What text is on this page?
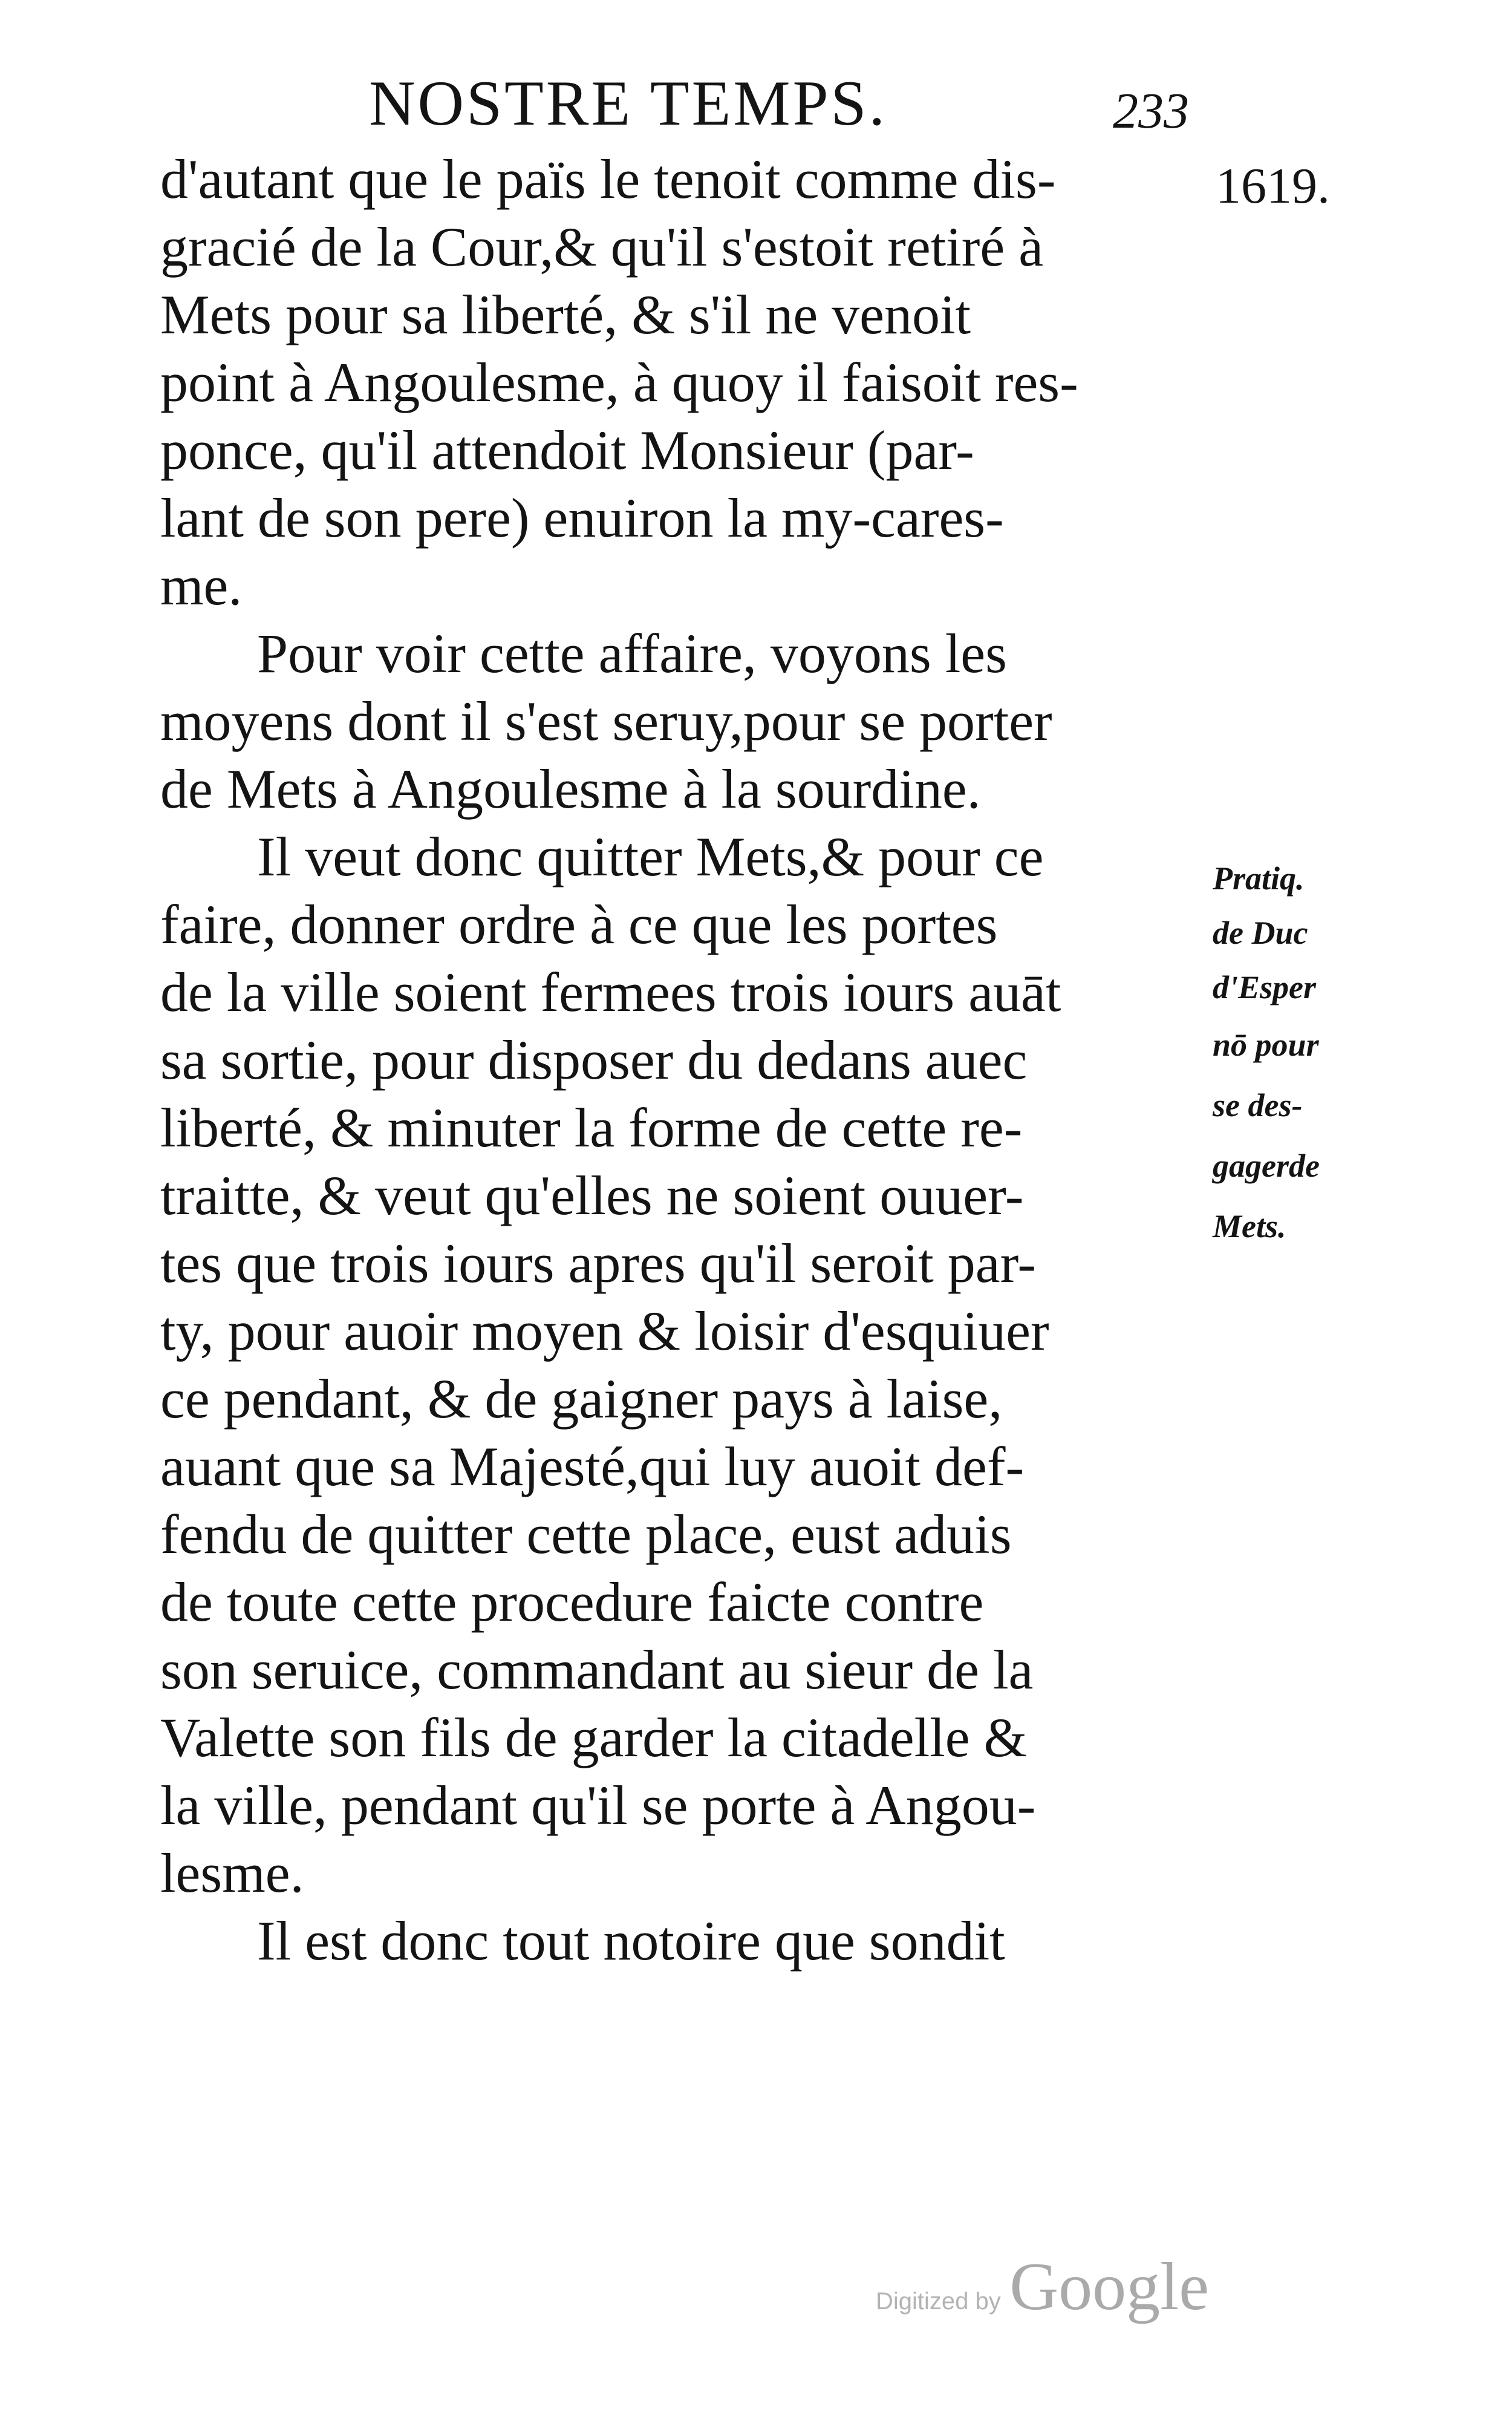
NOSTRE TEMPS.	233
1619.
Pratiq.
de Duc
d'Esper
nō pour
se des-
gagerde
Mets.
d'autant que le païs le tenoit comme dis-
gracié de la Cour,& qu'il s'estoit retiré à
Mets pour sa liberté, & s'il ne venoit
point à Angoulesme, à quoy il faisoit res-
ponce, qu'il attendoit Monsieur (par-
lant de son pere) enuiron la my-cares-
me.
Pour voir cette affaire, voyons les
moyens dont il s'est seruy,pour se porter
de Mets à Angoulesme à la sourdine.
Il veut donc quitter Mets,& pour ce
faire, donner ordre à ce que les portes
de la ville soient fermees trois iours auāt
sa sortie, pour disposer du dedans auec
liberté, & minuter la forme de cette re-
traitte, & veut qu'elles ne soient ouuer-
tes que trois iours apres qu'il seroit par-
ty, pour auoir moyen & loisir d'esquiuer
ce pendant, & de gaigner pays à laise,
auant que sa Majesté,qui luy auoit def-
fendu de quitter cette place, eust aduis
de toute cette procedure faicte contre
son seruice, commandant au sieur de la
Valette son fils de garder la citadelle &
la ville, pendant qu'il se porte à Angou-
lesme.
Il est donc tout notoire que sondit
Digitized by Google
